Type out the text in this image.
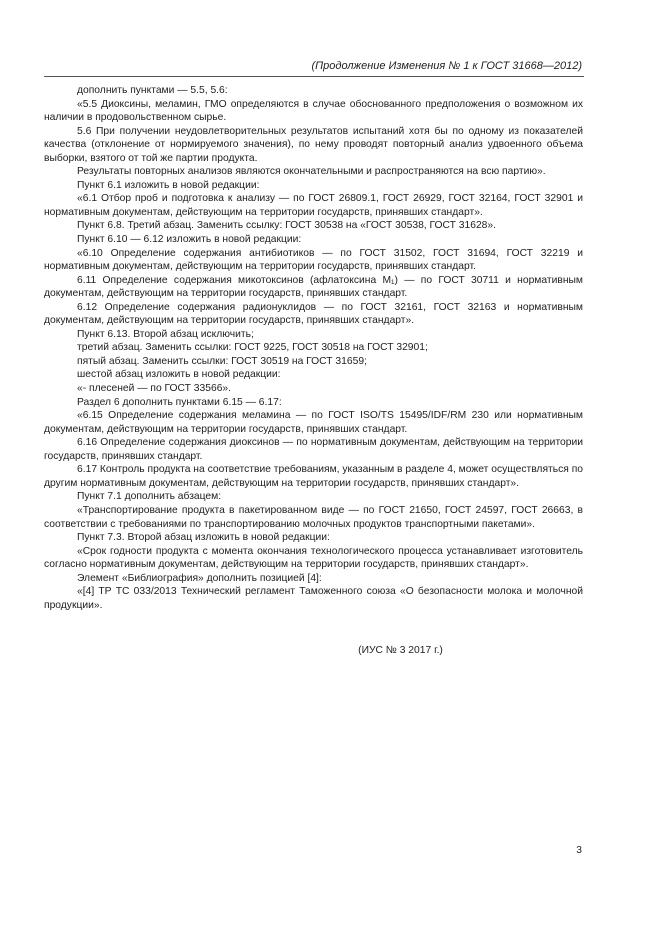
(Продолжение Изменения № 1 к ГОСТ 31668—2012)

дополнить пунктами — 5.5, 5.6:

«5.5 Диоксины, меламин, ГМО определяются в случае обоснованного предположения о возможном их наличии в продовольственном сырье.

5.6 При получении неудовлетворительных результатов испытаний хотя бы по одному из показателей качества (отклонение от нормируемого значения), по нему проводят повторный анализ удвоенного объема выборки, взятого от той же партии продукта.

Результаты повторных анализов являются окончательными и распространяются на всю партию».

Пункт 6.1 изложить в новой редакции:

«6.1 Отбор проб и подготовка к анализу — по ГОСТ 26809.1, ГОСТ 26929, ГОСТ 32164, ГОСТ 32901 и нормативным документам, действующим на территории государств, принявших стандарт».

Пункт 6.8. Третий абзац. Заменить ссылку: ГОСТ 30538 на «ГОСТ 30538, ГОСТ 31628».

Пункт 6.10 — 6.12 изложить в новой редакции:

«6.10 Определение содержания антибиотиков — по ГОСТ 31502, ГОСТ 31694, ГОСТ 32219 и нормативным документам, действующим на территории государств, принявших стандарт.

6.11 Определение содержания микотоксинов (афлатоксина M₁) — по ГОСТ 30711 и нормативным документам, действующим на территории государств, принявших стандарт.

6.12 Определение содержания радионуклидов — по ГОСТ 32161, ГОСТ 32163 и нормативным документам, действующим на территории государств, принявших стандарт».

Пункт 6.13. Второй абзац исключить;

третий абзац. Заменить ссылки: ГОСТ 9225, ГОСТ 30518 на ГОСТ 32901;

пятый абзац. Заменить ссылки: ГОСТ 30519 на ГОСТ 31659;

шестой абзац изложить в новой редакции:

«- плесеней — по ГОСТ 33566».

Раздел 6 дополнить пунктами 6.15 — 6.17:

«6.15 Определение содержания меламина — по ГОСТ ISO/TS 15495/IDF/RM 230 или нормативным документам, действующим на территории государств, принявших стандарт.

6.16 Определение содержания диоксинов — по нормативным документам, действующим на территории государств, принявших стандарт.

6.17 Контроль продукта на соответствие требованиям, указанным в разделе 4, может осуществляться по другим нормативным документам, действующим на территории государств, принявших стандарт».

Пункт 7.1 дополнить абзацем:

«Транспортирование продукта в пакетированном виде — по ГОСТ 21650, ГОСТ 24597, ГОСТ 26663, в соответствии с требованиями по транспортированию молочных продуктов транспортными пакетами».

Пункт 7.3. Второй абзац изложить в новой редакции:

«Срок годности продукта с момента окончания технологического процесса устанавливает изготовитель согласно нормативным документам, действующим на территории государств, принявших стандарт».

Элемент «Библиография» дополнить позицией [4]:

«[4] ТР ТС 033/2013 Технический регламент Таможенного союза «О безопасности молока и молочной продукции».

(ИУС № 3 2017 г.)
3
